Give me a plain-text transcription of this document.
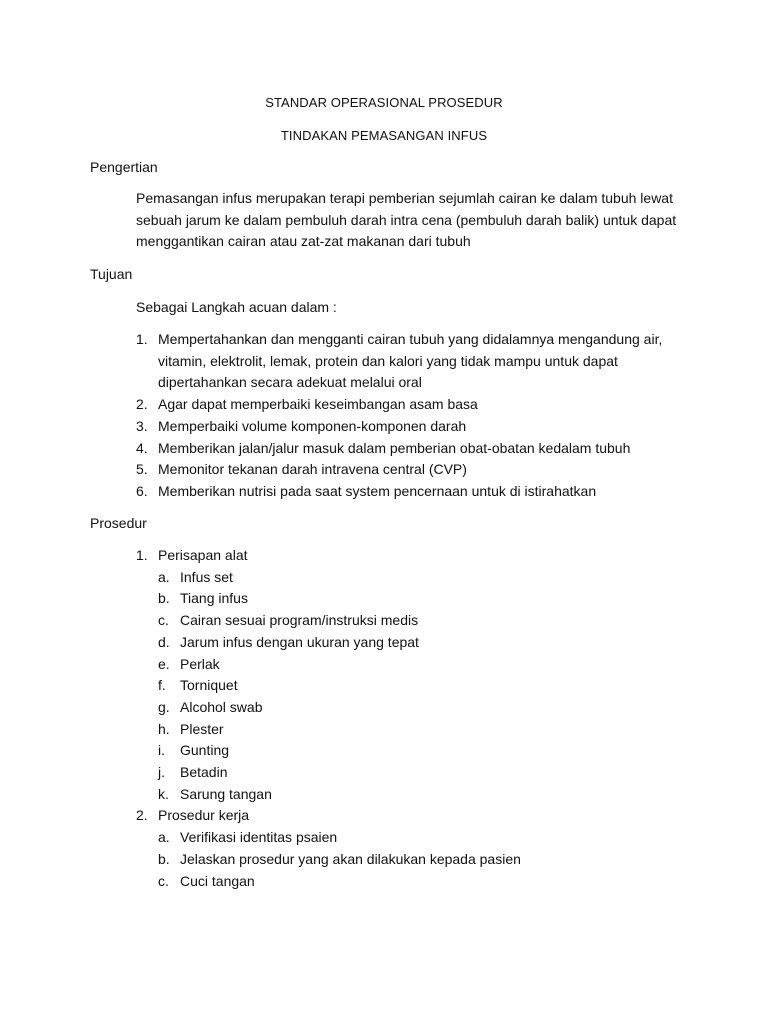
STANDAR OPERASIONAL PROSEDUR
TINDAKAN PEMASANGAN INFUS
Pengertian
Pemasangan infus merupakan terapi pemberian sejumlah cairan ke dalam tubuh lewat sebuah jarum ke dalam pembuluh darah intra cena (pembuluh darah balik) untuk dapat menggantikan cairan atau zat-zat makanan dari tubuh
Tujuan
Sebagai Langkah acuan dalam :
1. Mempertahankan dan mengganti cairan tubuh yang didalamnya mengandung air, vitamin, elektrolit, lemak, protein dan kalori yang tidak mampu untuk dapat dipertahankan secara adekuat melalui oral
2. Agar dapat memperbaiki keseimbangan asam basa
3. Memperbaiki volume komponen-komponen darah
4. Memberikan jalan/jalur masuk dalam pemberian obat-obatan kedalam tubuh
5. Memonitor tekanan darah intravena central (CVP)
6. Memberikan nutrisi pada saat system pencernaan untuk di istirahatkan
Prosedur
1. Perisapan alat
a. Infus set
b. Tiang infus
c. Cairan sesuai program/instruksi medis
d. Jarum infus dengan ukuran yang tepat
e. Perlak
f. Torniquet
g. Alcohol swab
h. Plester
i. Gunting
j. Betadin
k. Sarung tangan
2. Prosedur kerja
a. Verifikasi identitas psaien
b. Jelaskan prosedur yang akan dilakukan kepada pasien
c. Cuci tangan
